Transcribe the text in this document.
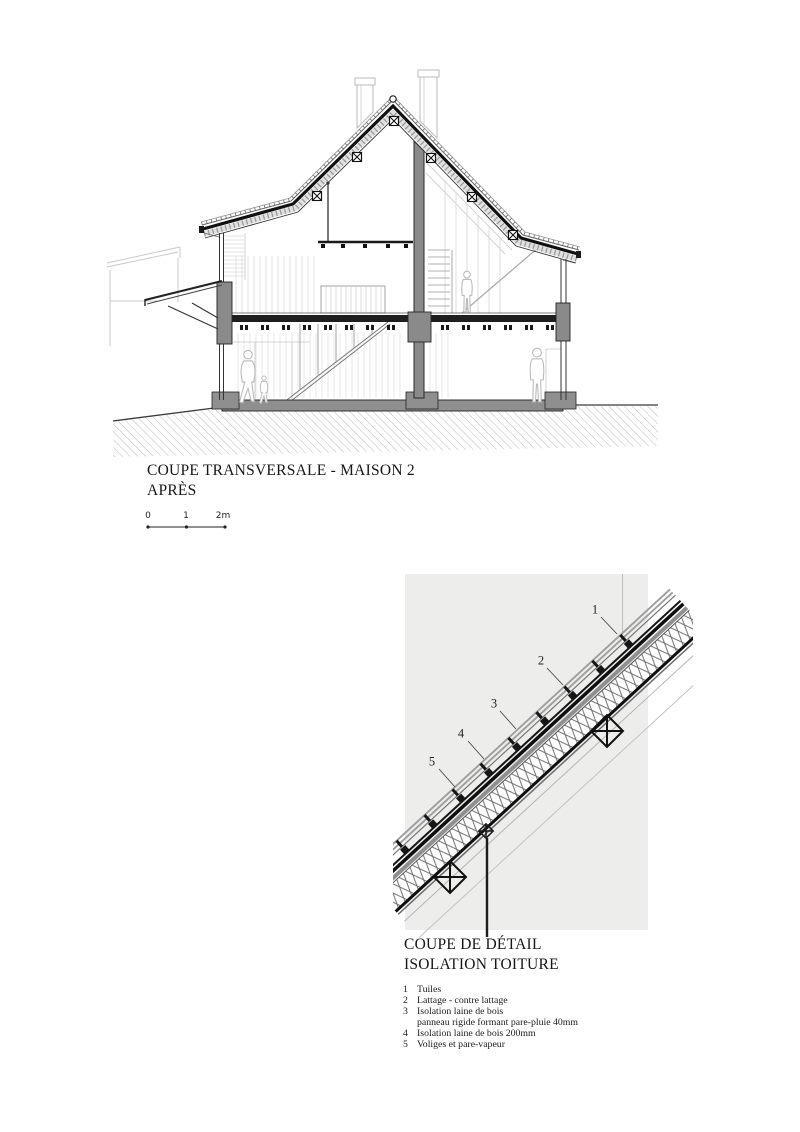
COUPE TRANSVERSALE - MAISON 2
APRÈS
0	1	2m
1
2
3
4
5
COUPE DE DÉTAIL
ISOLATION TOITURE
1 Tuiles
2 Lattage - contre lattage
3 Isolation laine de bois
panneau rigide formant pare-pluie 40mm
4 Isolation laine de bois 200mm
5 Voliges et pare-vapeur
